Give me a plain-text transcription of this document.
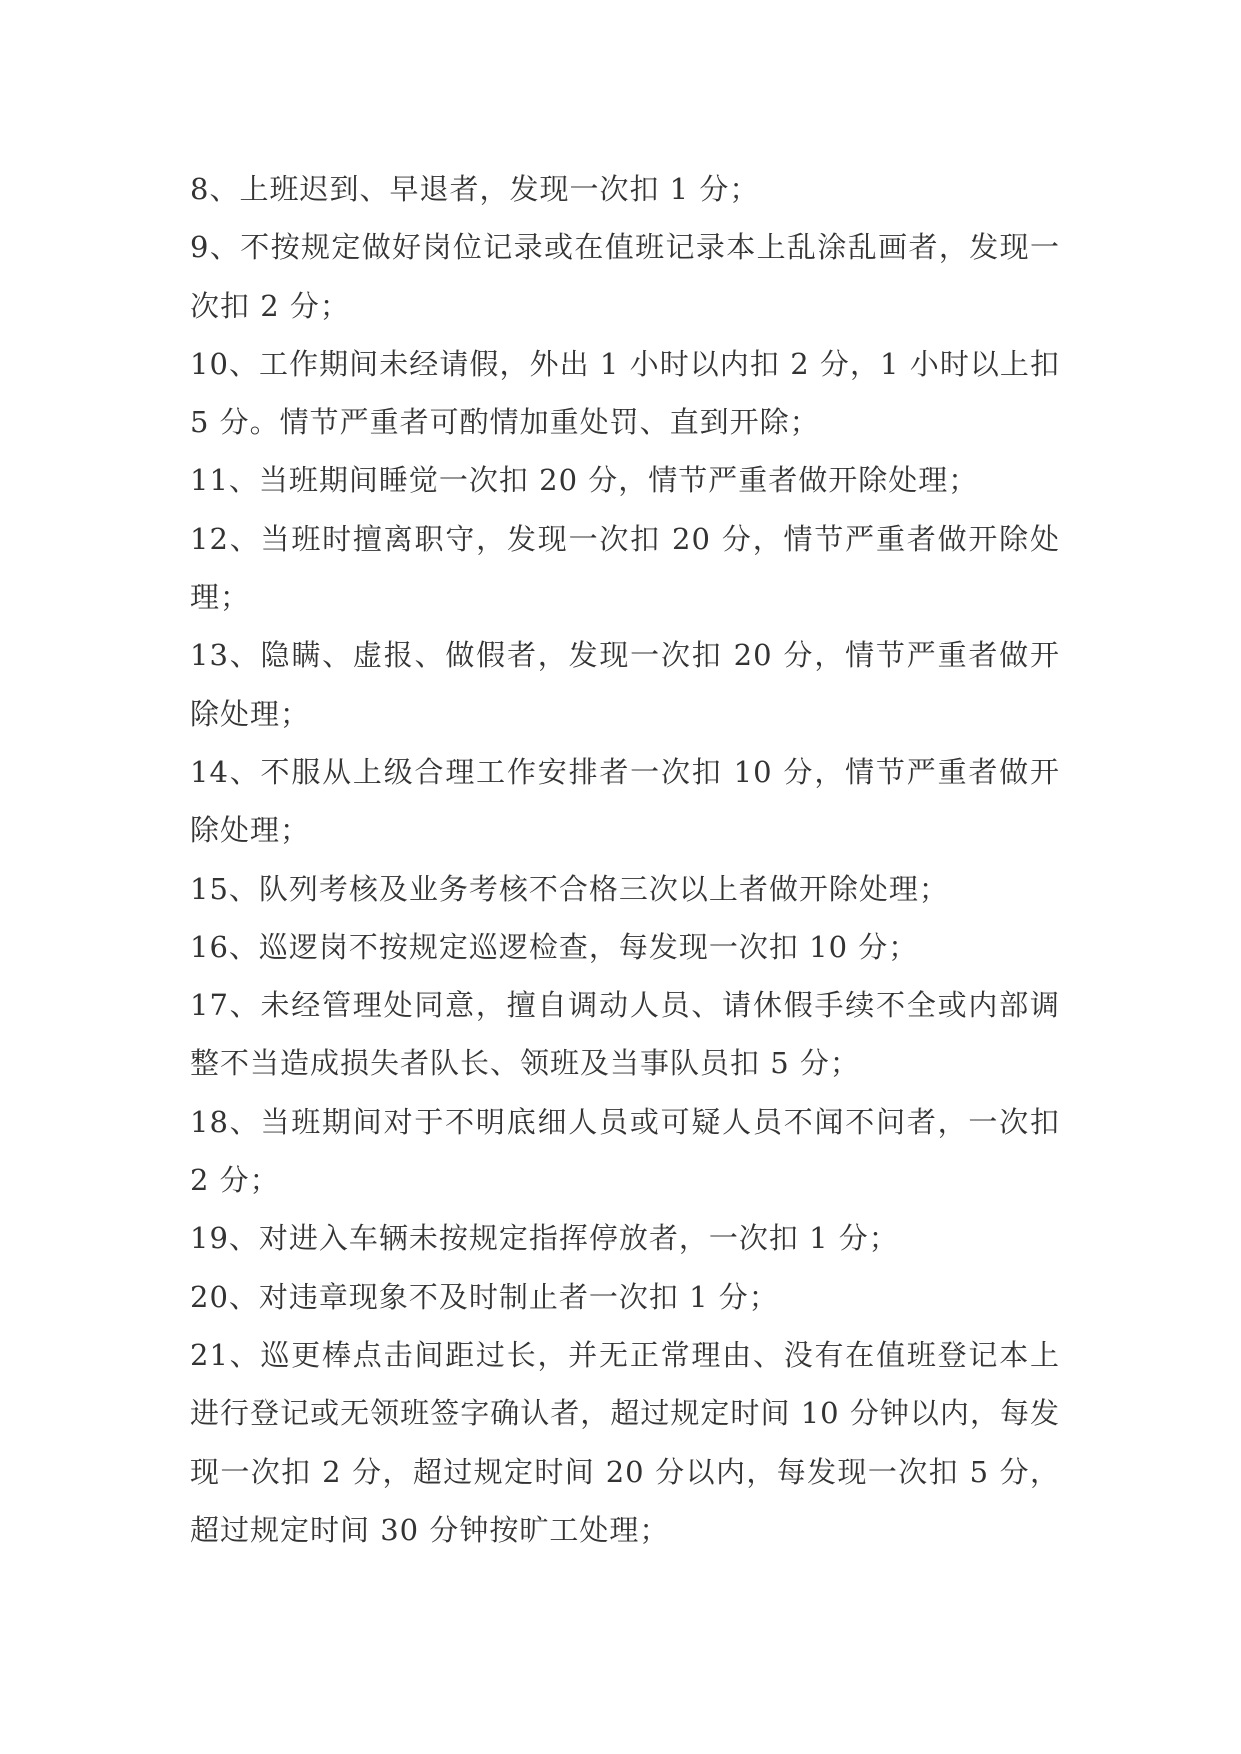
8、上班迟到、早退者，发现一次扣 1 分；

9、不按规定做好岗位记录或在值班记录本上乱涂乱画者，发现一次扣 2 分；

10、工作期间未经请假，外出 1 小时以内扣 2 分，1 小时以上扣 5 分。情节严重者可酌情加重处罚、直到开除；

11、当班期间睡觉一次扣 20 分，情节严重者做开除处理；

12、当班时擅离职守，发现一次扣 20 分，情节严重者做开除处理；

13、隐瞒、虚报、做假者，发现一次扣 20 分，情节严重者做开除处理；

14、不服从上级合理工作安排者一次扣 10 分，情节严重者做开除处理；

15、队列考核及业务考核不合格三次以上者做开除处理；

16、巡逻岗不按规定巡逻检查，每发现一次扣 10 分；

17、未经管理处同意，擅自调动人员、请休假手续不全或内部调整不当造成损失者队长、领班及当事队员扣 5 分；

18、当班期间对于不明底细人员或可疑人员不闻不问者，一次扣 2 分；

19、对进入车辆未按规定指挥停放者，一次扣 1 分；

20、对违章现象不及时制止者一次扣 1 分；

21、巡更棒点击间距过长，并无正常理由、没有在值班登记本上进行登记或无领班签字确认者，超过规定时间 10 分钟以内，每发现一次扣 2 分，超过规定时间 20 分以内，每发现一次扣 5 分，超过规定时间 30 分钟按旷工处理；
